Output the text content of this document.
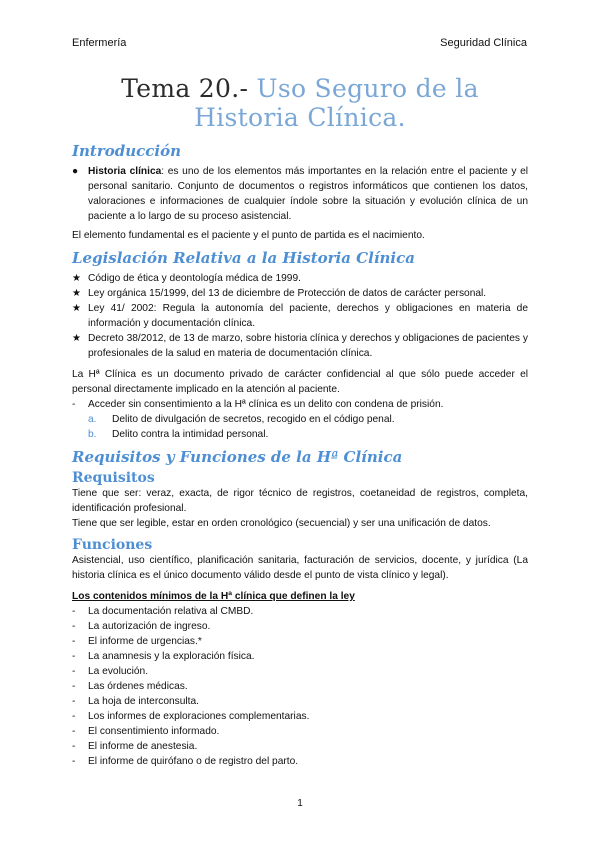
Enfermería	Seguridad Clínica
Tema 20.- Uso Seguro de la Historia Clínica.
Introducción
● Historia clínica: es uno de los elementos más importantes en la relación entre el paciente y el personal sanitario. Conjunto de documentos o registros informáticos que contienen los datos, valoraciones e informaciones de cualquier índole sobre la situación y evolución clínica de un paciente a lo largo de su proceso asistencial.

El elemento fundamental es el paciente y el punto de partida es el nacimiento.

Legislación Relativa a la Historia Clínica
★ Código de ética y deontología médica de 1999.
★ Ley orgánica 15/1999, del 13 de diciembre de Protección de datos de carácter personal.
★ Ley 41/ 2002: Regula la autonomía del paciente, derechos y obligaciones en materia de información y documentación clínica.
★ Decreto 38/2012, de 13 de marzo, sobre historia clínica y derechos y obligaciones de pacientes y profesionales de la salud en materia de documentación clínica.

La Hª Clínica es un documento privado de carácter confidencial al que sólo puede acceder el personal directamente implicado en la atención al paciente.

- Acceder sin consentimiento a la Hª clínica es un delito con condena de prisión.
a. Delito de divulgación de secretos, recogido en el código penal.
b. Delito contra la intimidad personal.
Requisitos y Funciones de la Hª Clínica
Requisitos

Tiene que ser: veraz, exacta, de rigor técnico de registros, coetaneidad de registros, completa, identificación profesional.

Tiene que ser legible, estar en orden cronológico (secuencial) y ser una unificación de datos.

Funciones

Asistencial, uso científico, planificación sanitaria, facturación de servicios, docente, y jurídica (La historia clínica es el único documento válido desde el punto de vista clínico y legal).

Los contenidos mínimos de la Hª clínica que definen la ley

- La documentación relativa al CMBD.
- La autorización de ingreso.
- El informe de urgencias.*
- La anamnesis y la exploración física.
- La evolución.
- Las órdenes médicas.
- La hoja de interconsulta.
- Los informes de exploraciones complementarias.
- El consentimiento informado.
- El informe de anestesia.
- El informe de quirófano o de registro del parto.
1
